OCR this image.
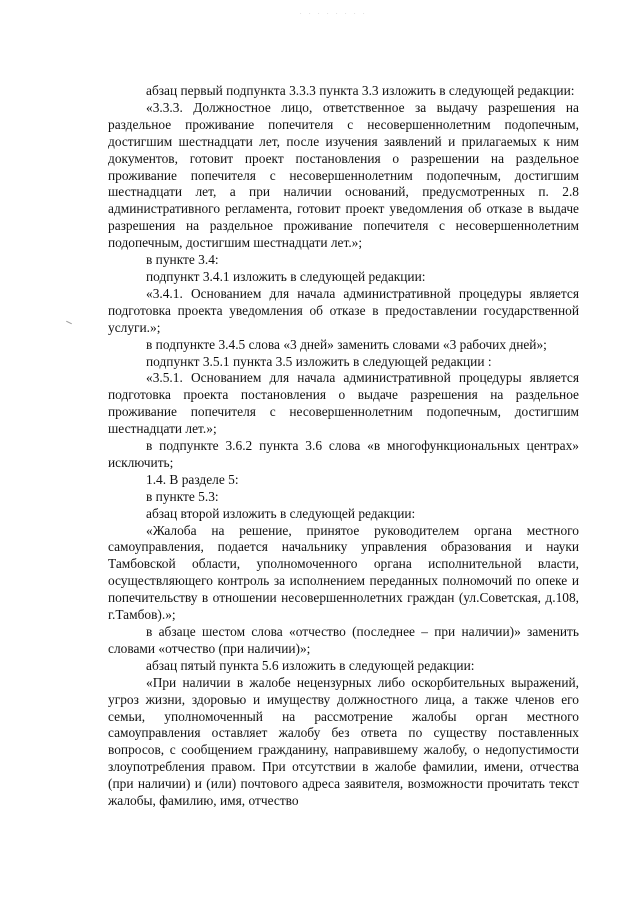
. . . . . . . .

абзац первый подпункта 3.3.3 пункта 3.3 изложить в следующей редакции:

«3.3.3. Должностное лицо, ответственное за выдачу разрешения на раздельное проживание попечителя с несовершеннолетним подопечным, достигшим шестнадцати лет, после изучения заявлений и прилагаемых к ним документов, готовит проект постановления о разрешении на раздельное проживание попечителя с несовершеннолетним подопечным, достигшим шестнадцати лет, а при наличии оснований, предусмотренных п. 2.8 административного регламента, готовит проект уведомления об отказе в выдаче разрешения на раздельное проживание попечителя с несовершеннолетним подопечным, достигшим шестнадцати лет.»;

в пункте 3.4:

подпункт 3.4.1 изложить в следующей редакции:

«3.4.1. Основанием для начала административной процедуры является подготовка проекта уведомления об отказе в предоставлении государственной услуги.»;

в подпункте 3.4.5 слова «3 дней» заменить словами «3 рабочих дней»;

подпункт 3.5.1 пункта 3.5 изложить в следующей редакции :

«3.5.1. Основанием для начала административной процедуры является подготовка проекта постановления о выдаче разрешения на раздельное проживание попечителя с несовершеннолетним подопечным, достигшим шестнадцати лет.»;

в подпункте 3.6.2 пункта 3.6 слова «в многофункциональных центрах» исключить;

1.4. В разделе 5:

в пункте 5.3:

абзац второй изложить в следующей редакции:

«Жалоба на решение, принятое руководителем органа местного самоуправления, подается начальнику управления образования и науки Тамбовской области, уполномоченного органа исполнительной власти, осуществляющего контроль за исполнением переданных полномочий по опеке и попечительству в отношении несовершеннолетних граждан (ул.Советская, д.108, г.Тамбов).»;

в абзаце шестом слова «отчество (последнее – при наличии)» заменить словами «отчество (при наличии)»;

абзац пятый пункта 5.6 изложить в следующей редакции:

«При наличии в жалобе нецензурных либо оскорбительных выражений, угроз жизни, здоровью и имуществу должностного лица, а также членов его семьи, уполномоченный на рассмотрение жалобы орган местного самоуправления оставляет жалобу без ответа по существу поставленных вопросов, с сообщением гражданину, направившему жалобу, о недопустимости злоупотребления правом. При отсутствии в жалобе фамилии, имени, отчества (при наличии) и (или) почтового адреса заявителя, возможности прочитать текст жалобы, фамилию, имя, отчество
